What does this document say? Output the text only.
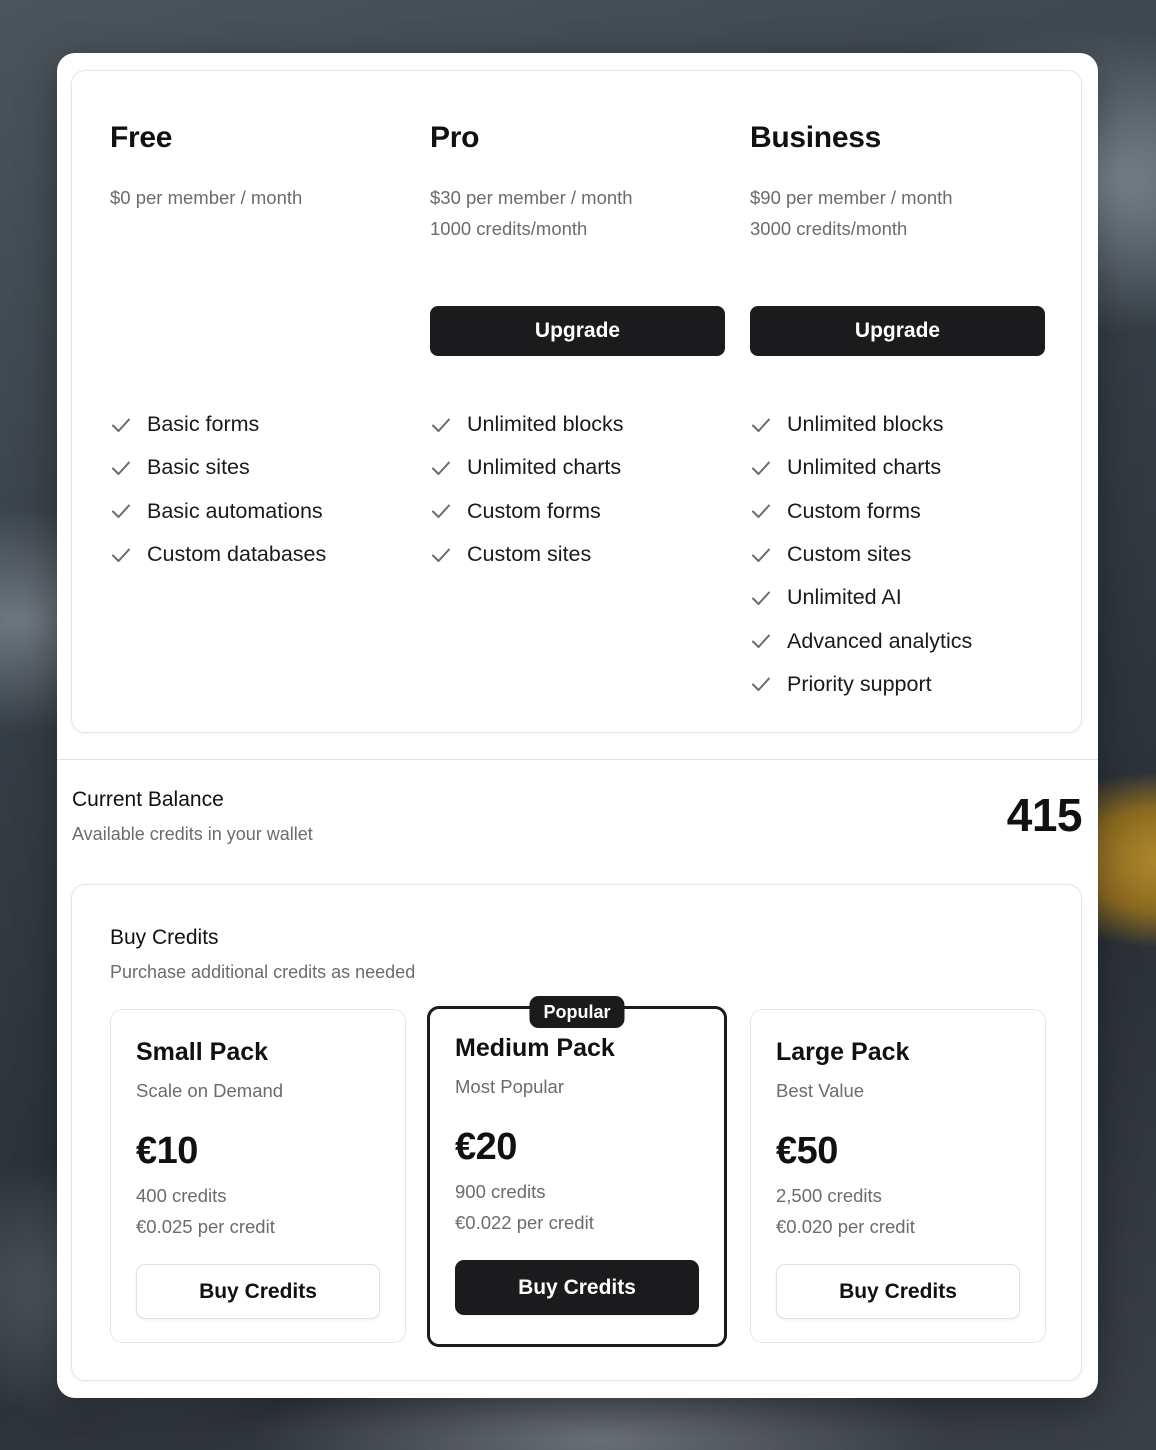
Free
$0 per member / month
Basic forms
Basic sites
Basic automations
Custom databases
Pro
$30 per member / month
1000 credits/month
Upgrade
Unlimited blocks
Unlimited charts
Custom forms
Custom sites
Business
$90 per member / month
3000 credits/month
Upgrade
Unlimited blocks
Unlimited charts
Custom forms
Custom sites
Unlimited AI
Advanced analytics
Priority support
Current Balance
Available credits in your wallet	415
Buy Credits
Purchase additional credits as needed
Small Pack
Scale on Demand
€10
400 credits
€0.025 per credit
Buy Credits
Popular
Medium Pack
Most Popular
€20
900 credits
€0.022 per credit
Buy Credits
Large Pack
Best Value
€50
2,500 credits
€0.020 per credit
Buy Credits
